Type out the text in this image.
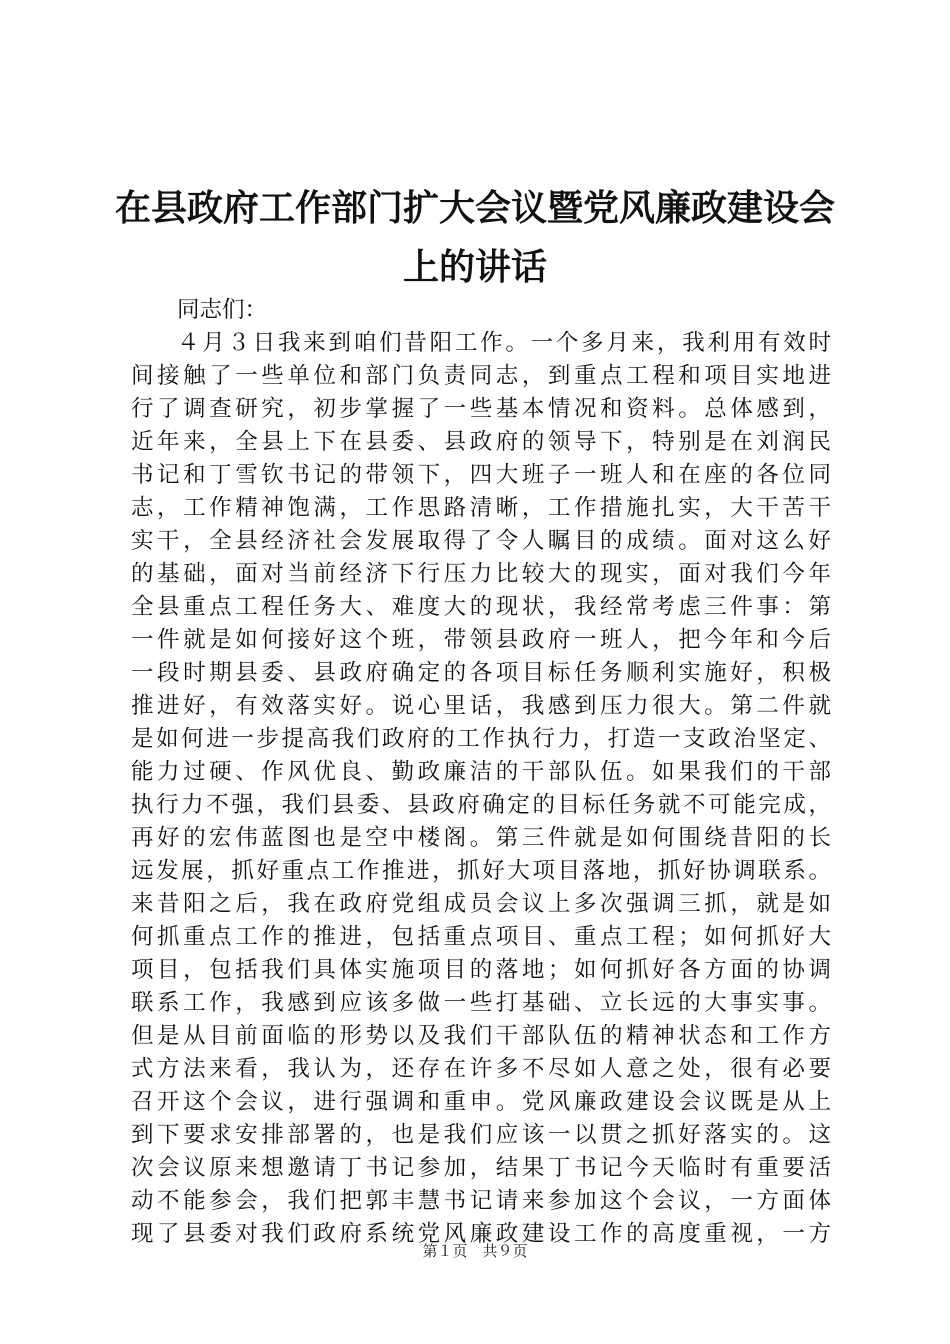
在县政府工作部门扩大会议暨党风廉政建设会
上的讲话
同志们：
４月３日我来到咱们昔阳工作。一个多月来，我利用有效时
间接触了一些单位和部门负责同志，到重点工程和项目实地进
行了调查研究，初步掌握了一些基本情况和资料。总体感到，
近年来，全县上下在县委、县政府的领导下，特别是在刘润民
书记和丁雪钦书记的带领下，四大班子一班人和在座的各位同
志，工作精神饱满，工作思路清晰，工作措施扎实，大干苦干
实干，全县经济社会发展取得了令人瞩目的成绩。面对这么好
的基础，面对当前经济下行压力比较大的现实，面对我们今年
全县重点工程任务大、难度大的现状，我经常考虑三件事：第
一件就是如何接好这个班，带领县政府一班人，把今年和今后
一段时期县委、县政府确定的各项目标任务顺利实施好，积极
推进好，有效落实好。说心里话，我感到压力很大。第二件就
是如何进一步提高我们政府的工作执行力，打造一支政治坚定、
能力过硬、作风优良、勤政廉洁的干部队伍。如果我们的干部
执行力不强，我们县委、县政府确定的目标任务就不可能完成，
再好的宏伟蓝图也是空中楼阁。第三件就是如何围绕昔阳的长
远发展，抓好重点工作推进，抓好大项目落地，抓好协调联系。
来昔阳之后，我在政府党组成员会议上多次强调三抓，就是如
何抓重点工作的推进，包括重点项目、重点工程；如何抓好大
项目，包括我们具体实施项目的落地；如何抓好各方面的协调
联系工作，我感到应该多做一些打基础、立长远的大事实事。
但是从目前面临的形势以及我们干部队伍的精神状态和工作方
式方法来看，我认为，还存在许多不尽如人意之处，很有必要
召开这个会议，进行强调和重申。党风廉政建设会议既是从上
到下要求安排部署的，也是我们应该一以贯之抓好落实的。这
次会议原来想邀请丁书记参加，结果丁书记今天临时有重要活
动不能参会，我们把郭丰慧书记请来参加这个会议，一方面体
现了县委对我们政府系统党风廉政建设工作的高度重视，一方
第１页　共９页
